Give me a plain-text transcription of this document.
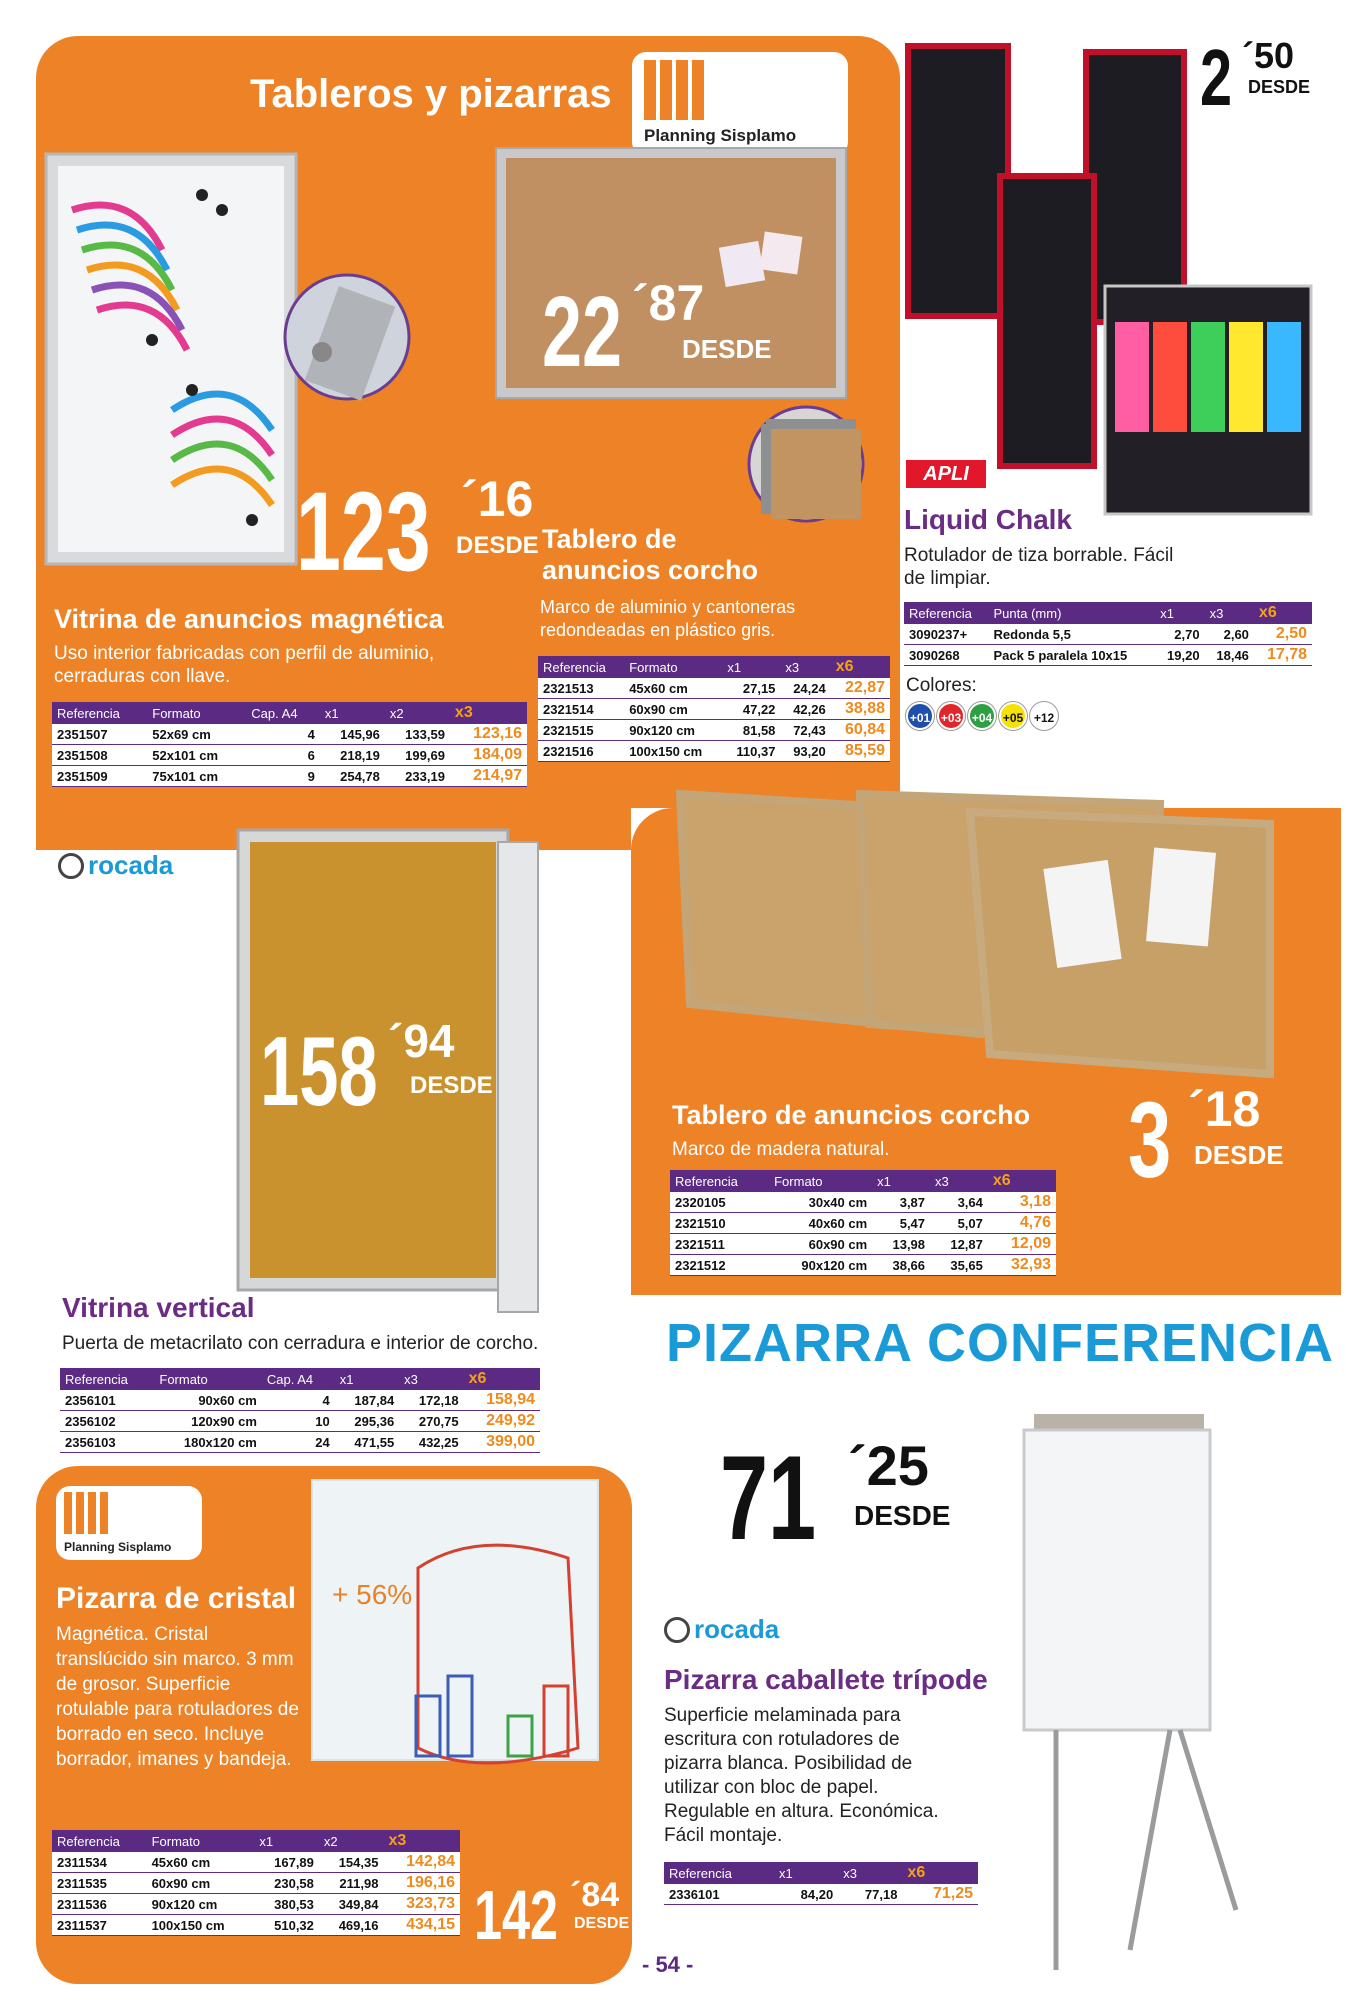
Tableros y pizarras
Planning Sisplamo
123 ´16
DESDE
Vitrina de anuncios magnética
Uso interior fabricadas con perfil de aluminio, cerraduras con llave.
Referencia	Formato	Cap. A4	x1	x2	x3
2351507	52x69 cm	4	145,96	133,59	123,16
2351508	52x101 cm	6	218,19	199,69	184,09
2351509	75x101 cm	9	254,78	233,19	214,97
22 ´87
DESDE
Tablero de
anuncios corcho
Marco de aluminio y cantoneras redondeadas en plástico gris.
Referencia	Formato	x1	x3	x6
2321513	45x60 cm	27,15	24,24	22,87
2321514	60x90 cm	47,22	42,26	38,88
2321515	90x120 cm	81,58	72,43	60,84
2321516	100x150 cm	110,37	93,20	85,59
2 ´50
DESDE
APLI
Liquid Chalk
Rotulador de tiza borrable. Fácil de limpiar.
Referencia	Punta (mm)	x1	x3	x6
3090237+	Redonda 5,5	2,70	2,60	2,50
3090268	Pack 5 paralela 10x15	19,20	18,46	17,78
Colores:
+01 +03 +04 +05 +12
rocada
158 ´94
DESDE
Vitrina vertical
Puerta de metacrilato con cerradura e interior de corcho.
Referencia	Formato	Cap. A4	x1	x3	x6
2356101	90x60 cm	4	187,84	172,18	158,94
2356102	120x90 cm	10	295,36	270,75	249,92
2356103	180x120 cm	24	471,55	432,25	399,00
Tablero de anuncios corcho
Marco de madera natural.
Referencia	Formato	x1	x3	x6
2320105	30x40 cm	3,87	3,64	3,18
2321510	40x60 cm	5,47	5,07	4,76
2321511	60x90 cm	13,98	12,87	12,09
2321512	90x120 cm	38,66	35,65	32,93
3 ´18
DESDE
PIZARRA CONFERENCIA
71 ´25
DESDE
rocada
Pizarra caballete trípode
Superficie melaminada para escritura con rotuladores de pizarra blanca. Posibilidad de utilizar con bloc de papel. Regulable en altura. Económica. Fácil montaje.
Referencia	x1	x3	x6
2336101	84,20	77,18	71,25
Planning Sisplamo
+ 56%
Pizarra de cristal
Magnética. Cristal translúcido sin marco. 3 mm de grosor. Superficie rotulable para rotuladores de borrado en seco. Incluye borrador, imanes y bandeja.
Referencia	Formato	x1	x2	x3
2311534	45x60 cm	167,89	154,35	142,84
2311535	60x90 cm	230,58	211,98	196,16
2311536	90x120 cm	380,53	349,84	323,73
2311537	100x150 cm	510,32	469,16	434,15 142 ´84
DESDE
- 54 -
